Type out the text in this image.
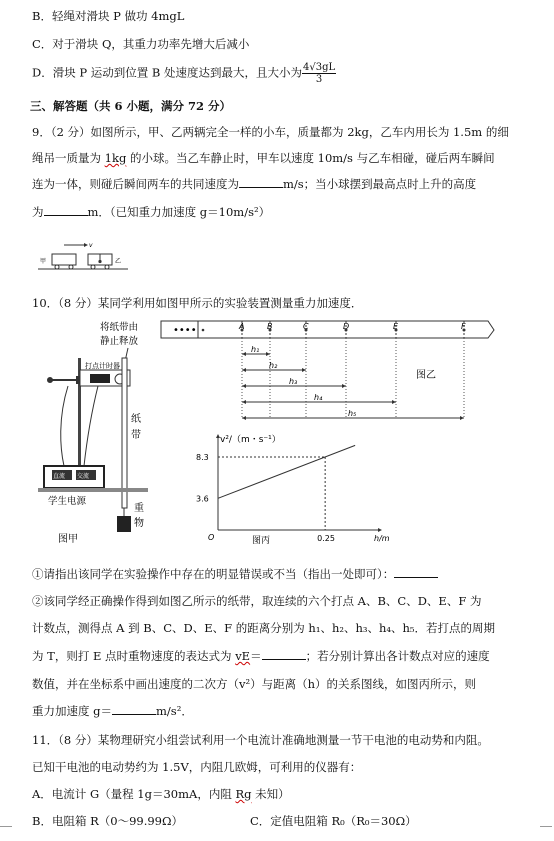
B．轻绳对滑块 P 做功 4mgL
C．对于滑块 Q，其重力功率先增大后减小
D．滑块 P 运动到位置 B 处速度达到最大，且大小为 $\frac{4√3gL}{3}$
三、解答题（共 6 小题，满分 72 分）
9．（2 分）如图所示，甲、乙两辆完全一样的小车，质量都为 2kg，乙车内用长为 1.5m 的细
绳吊一质量为 1kg 的小球。当乙车静止时，甲车以速度 10m/s 与乙车相碰，碰后两车瞬间
连为一体，则碰后瞬间两车的共同速度为	m/s；当小球摆到最高点时上升的高度
为	m．（已知重力加速度 g＝10m/s²）
甲
v
乙
10．（8 分）某同学利用如图甲所示的实验装置测量重力加速度．
将纸带由
静止释放
打点计时器
纸
带
重
物
直流 交流
学生电源
图甲
••••	A	B	C	D	E	F
h₁
h₂
h₃
h₄
h₅
图乙
v²/（m・s⁻¹）
h/m
O
8.3
3.6
0.25
图丙
①请指出该同学在实验操作中存在的明显错误或不当（指出一处即可）：
②该同学经正确操作得到如图乙所示的纸带，取连续的六个打点 A、B、C、D、E、F 为
计数点，测得点 A 到 B、C、D、E、F 的距离分别为 h₁、h₂、h₃、h₄、h₅．若打点的周期
为 T，则打 E 点时重物速度的表达式为 vE＝	；若分别计算出各计数点对应的速度
数值，并在坐标系中画出速度的二次方（v²）与距离（h）的关系图线，如图丙所示，则
重力加速度 g＝	m/s²．
11．（8 分）某物理研究小组尝试利用一个电流计准确地测量一节干电池的电动势和内阻。
已知干电池的电动势约为 1.5V，内阻几欧姆，可利用的仪器有：
A．电流计 G（量程 1g＝30mA，内阻 Rg 未知）
B．电阻箱 R（0～99.99Ω）	C．定值电阻箱 R₀（R₀＝30Ω）
